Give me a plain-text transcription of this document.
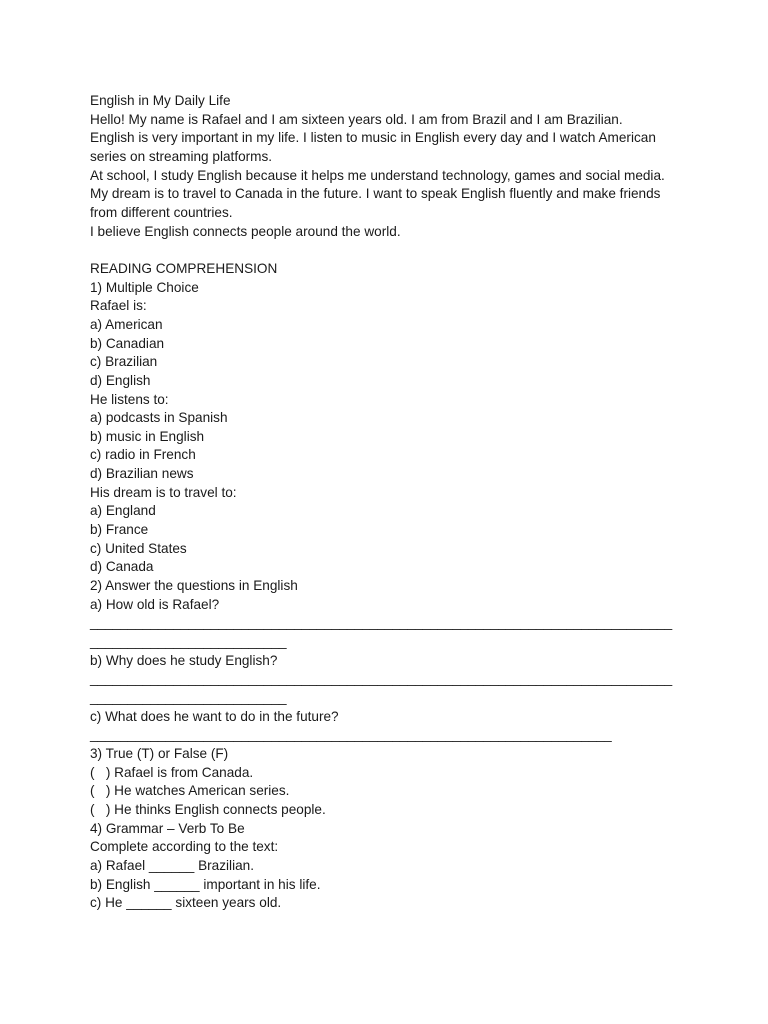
English in My Daily Life
Hello! My name is Rafael and I am sixteen years old. I am from Brazil and I am Brazilian.
English is very important in my life. I listen to music in English every day and I watch American
series on streaming platforms.
At school, I study English because it helps me understand technology, games and social media.
My dream is to travel to Canada in the future. I want to speak English fluently and make friends
from different countries.
I believe English connects people around the world.
READING COMPREHENSION
1) Multiple Choice
Rafael is:
a) American
b) Canadian
c) Brazilian
d) English
He listens to:
a) podcasts in Spanish
b) music in English
c) radio in French
d) Brazilian news
His dream is to travel to:
a) England
b) France
c) United States
d) Canada
2) Answer the questions in English
a) How old is Rafael?
_____________________________________________________________________________
__________________________
b) Why does he study English?
_____________________________________________________________________________
__________________________
c) What does he want to do in the future?
_____________________________________________________________________
3) True (T) or False (F)
(   ) Rafael is from Canada.
(   ) He watches American series.
(   ) He thinks English connects people.
4) Grammar – Verb To Be
Complete according to the text:
a) Rafael ______ Brazilian.
b) English ______ important in his life.
c) He ______ sixteen years old.
